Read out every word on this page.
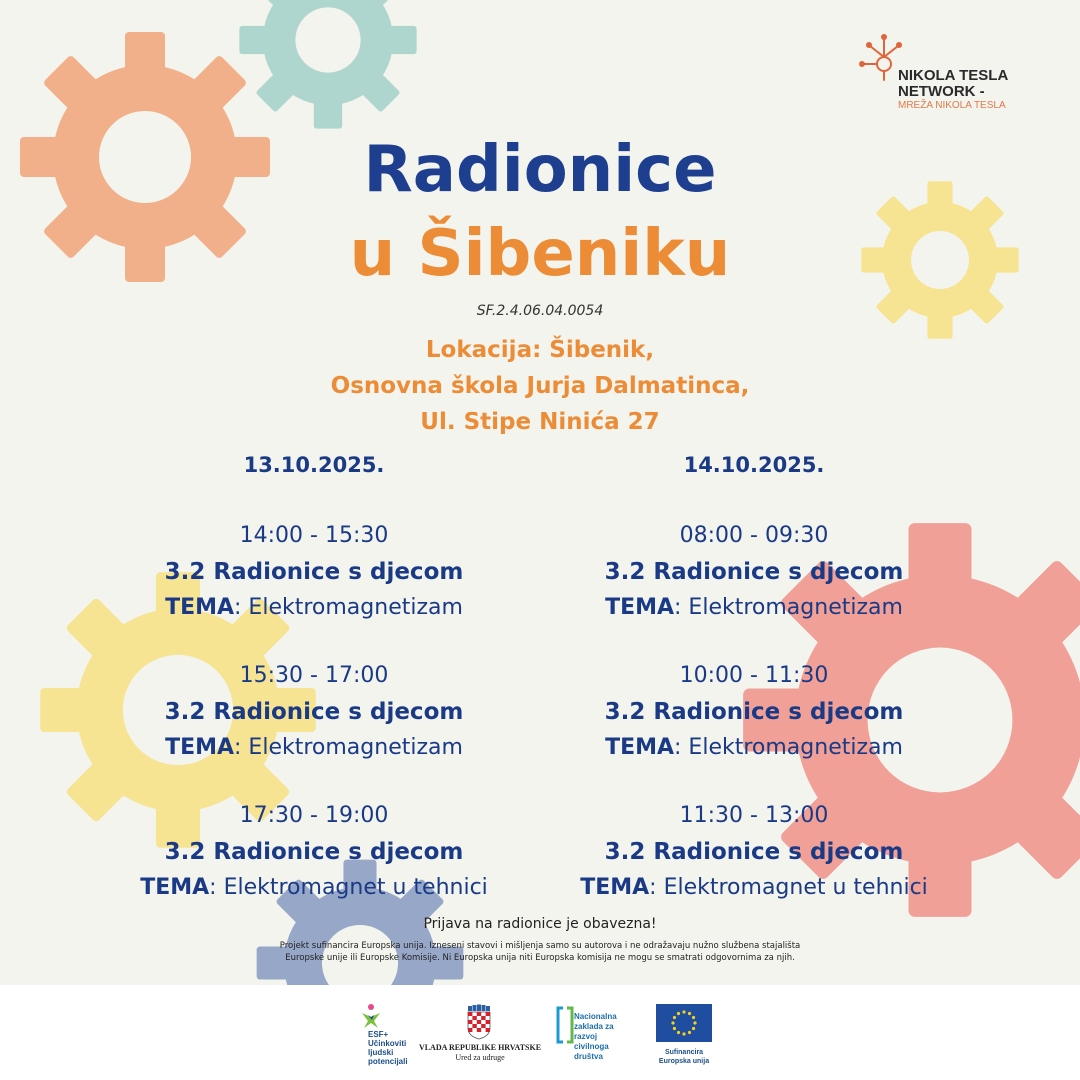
NIKOLA TESLA
NETWORK -
MREŽA NIKOLA TESLA
Radionice
u Šibeniku
SF.2.4.06.04.0054
Lokacija: Šibenik,
Osnovna škola Jurja Dalmatinca,
Ul. Stipe Ninića 27
13.10.2025.
14:00 - 15:30
3.2 Radionice s djecom
TEMA: Elektromagnetizam
15:30 - 17:00
3.2 Radionice s djecom
TEMA: Elektromagnetizam
17:30 - 19:00
3.2 Radionice s djecom
TEMA: Elektromagnet u tehnici
14.10.2025.
08:00 - 09:30
3.2 Radionice s djecom
TEMA: Elektromagnetizam
10:00 - 11:30
3.2 Radionice s djecom
TEMA: Elektromagnetizam
11:30 - 13:00
3.2 Radionice s djecom
TEMA: Elektromagnet u tehnici
Prijava na radionice je obavezna!
Projekt sufinancira Europska unija. Izneseni stavovi i mišljenja samo su autorova i ne odražavaju nužno službena stajališta Europske unije ili Europske Komisije. Ni Europska unija niti Europska komisija ne mogu se smatrati odgovornima za njih.
ESF+
Učinkoviti
ljudski
potencijali
VLADA REPUBLIKE HRVATSKE
Ured za udruge
Nacionalna
zaklada za
razvoj
civilnoga
društva	Sufinancira
Europska unija
